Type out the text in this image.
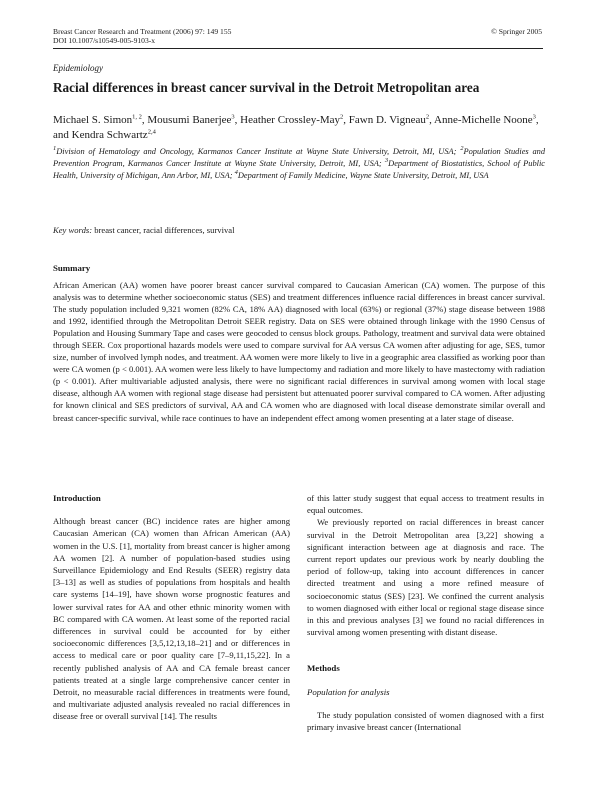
Breast Cancer Research and Treatment (2006) 97: 149 155
DOI 10.1007/s10549-005-9103-x
© Springer 2005
Epidemiology
Racial differences in breast cancer survival in the Detroit Metropolitan area
Michael S. Simon$^{1, 2}$, Mousumi Banerjee$^3$, Heather Crossley-May$^2$, Fawn D. Vigneau$^2$, Anne-Michelle Noone$^3$, and Kendra Schwartz$^{2,4}$
$^1$Division of Hematology and Oncology, Karmanos Cancer Institute at Wayne State University, Detroit, MI, USA; $^2$Population Studies and Prevention Program, Karmanos Cancer Institute at Wayne State University, Detroit, MI, USA; $^3$Department of Biostatistics, School of Public Health, University of Michigan, Ann Arbor, MI, USA; $^4$Department of Family Medicine, Wayne State University, Detroit, MI, USA
Key words: breast cancer, racial differences, survival
Summary
African American (AA) women have poorer breast cancer survival compared to Caucasian American (CA) women. The purpose of this analysis was to determine whether socioeconomic status (SES) and treatment differences influence racial differences in breast cancer survival. The study population included 9,321 women (82% CA, 18% AA) diagnosed with local (63%) or regional (37%) stage disease between 1988 and 1992, identified through the Metropolitan Detroit SEER registry. Data on SES were obtained through linkage with the 1990 Census of Population and Housing Summary Tape and cases were geocoded to census block groups. Pathology, treatment and survival data were obtained through SEER. Cox proportional hazards models were used to compare survival for AA versus CA women after adjusting for age, SES, tumor size, number of involved lymph nodes, and treatment. AA women were more likely to live in a geographic area classified as working poor than were CA women (p < 0.001). AA women were less likely to have lumpectomy and radiation and more likely to have mastectomy with radiation (p < 0.001). After multivariable adjusted analysis, there were no significant racial differences in survival among women with local stage disease, although AA women with regional stage disease had persistent but attenuated poorer survival compared to CA women. After adjusting for known clinical and SES predictors of survival, AA and CA women who are diagnosed with local disease demonstrate similar overall and breast cancer-specific survival, while race continues to have an independent effect among women presenting at a later stage of disease.
Introduction

Although breast cancer (BC) incidence rates are higher among Caucasian American (CA) women than African American (AA) women in the U.S. [1], mortality from breast cancer is higher among AA women [2]. A number of population-based studies using Surveillance Epidemiology and End Results (SEER) registry data [3–13] as well as studies of populations from hospitals and health care systems [14–19], have shown worse prognostic features and lower survival rates for AA and other ethnic minority women with BC compared with CA women. At least some of the reported racial differences in survival could be accounted for by either socioeconomic differences [3,5,12,13,18–21] and or differences in access to medical care or poor quality care [7–9,11,15,22]. In a recently published analysis of AA and CA female breast cancer patients treated at a single large comprehensive cancer center in Detroit, no measurable racial differences in treatments were found, and multivariate adjusted analysis revealed no racial differences in disease free or overall survival [14]. The results

of this latter study suggest that equal access to treatment results in equal outcomes.

We previously reported on racial differences in breast cancer survival in the Detroit Metropolitan area [3,22] showing a significant interaction between age at diagnosis and race. The current report updates our previous work by nearly doubling the period of follow-up, taking into account differences in cancer directed treatment and using a more refined measure of socioeconomic status (SES) [23]. We confined the current analysis to women diagnosed with either local or regional stage disease since in this and previous analyses [3] we found no racial differences in survival among women presenting with distant disease.

Methods
Population for analysis

The study population consisted of women diagnosed with a first primary invasive breast cancer (International
